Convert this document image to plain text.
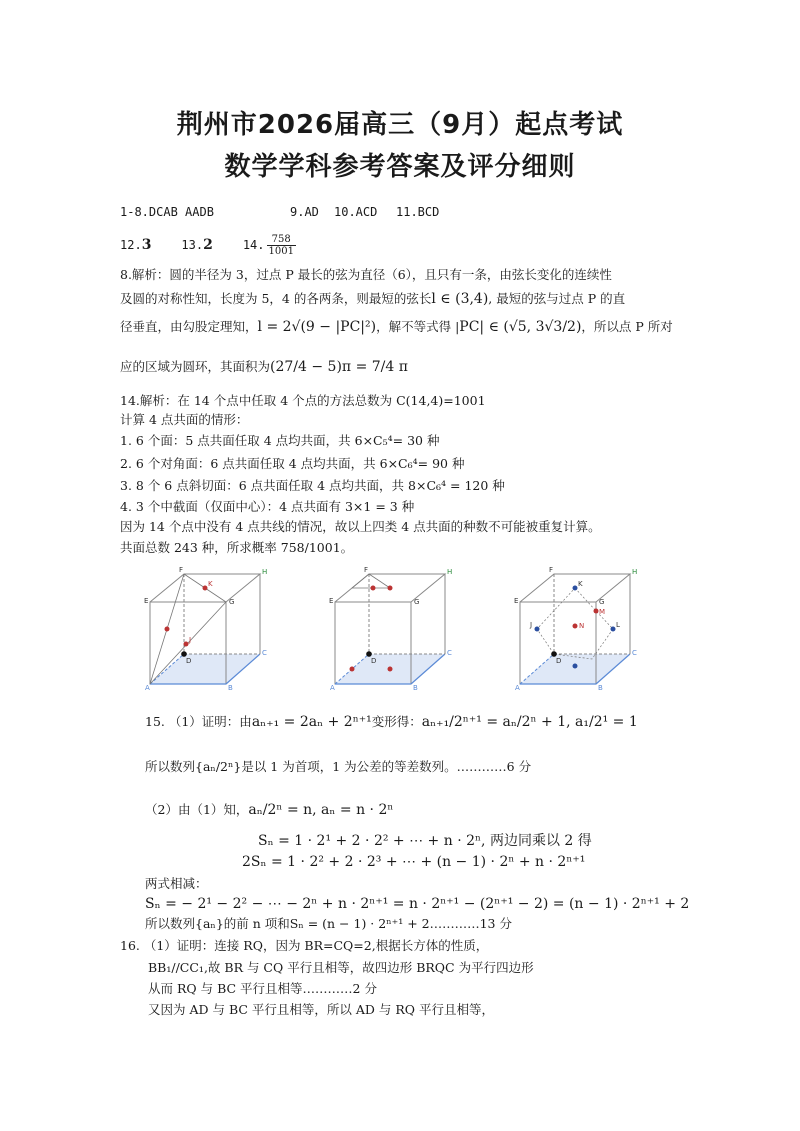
荆州市2026届高三（9月）起点考试
数学学科参考答案及评分细则
1-8.DCAB AADB	9.AD 10.ACD 11.BCD
12.3 13.2 14. $\frac{758}{1001}$
8.解析：圆的半径为 3，过点 P 最长的弦为直径（6），且只有一条，由弦长变化的连续性
及圆的对称性知，长度为 5，4 的各两条，则最短的弦长l ∈ (3,4), 最短的弦与过点 P 的直
径垂直，由勾股定理知，l = 2√(9 − |PC|²)，解不等式得 |PC| ∈ (√5, 3√3/2)，所以点 P 所对
应的区域为圆环，其面积为(27/4 − 5)π = 7/4 π
14.解析：在 14 个点中任取 4 个点的方法总数为 C(14,4)=1001
计算 4 点共面的情形：
1. 6 个面：5 点共面任取 4 点均共面，共 6×C₅⁴= 30 种
2. 6 个对角面：6 点共面任取 4 点均共面，共 6×C₆⁴= 90 种
3. 8 个 6 点斜切面：6 点共面任取 4 点均共面，共 8×C₆⁴ = 120 种
4. 3 个中截面（仅面中心）：4 点共面有 3×1 = 3 种
因为 14 个点中没有 4 点共线的情况，故以上四类 4 点共面的种数不可能被重复计算。
共面总数 243 种，所求概率 758/1001。
F
K
H
E	G
J
D
C
A	B
F	H
E	G
D
C
A	B
F
K
H
E	G
M
J	N	L
D
C
A	B
15. （1）证明：由aₙ₊₁ = 2aₙ + 2ⁿ⁺¹变形得：aₙ₊₁/2ⁿ⁺¹ = aₙ/2ⁿ + 1, a₁/2¹ = 1
所以数列{aₙ/2ⁿ}是以 1 为首项，1 为公差的等差数列。…………6 分
（2）由（1）知，aₙ/2ⁿ = n, aₙ = n · 2ⁿ
Sₙ = 1 · 2¹ + 2 · 2² + ⋯ + n · 2ⁿ, 两边同乘以 2 得
2Sₙ = 1 · 2² + 2 · 2³ + ⋯ + (n − 1) · 2ⁿ + n · 2ⁿ⁺¹
两式相减：
Sₙ = − 2¹ − 2² − ⋯ − 2ⁿ + n · 2ⁿ⁺¹ = n · 2ⁿ⁺¹ − (2ⁿ⁺¹ − 2) = (n − 1) · 2ⁿ⁺¹ + 2
所以数列{aₙ}的前 n 项和Sₙ = (n − 1) · 2ⁿ⁺¹ + 2…………13 分
16. （1）证明：连接 RQ，因为 BR=CQ=2,根据长方体的性质，
BB₁//CC₁,故 BR 与 CQ 平行且相等，故四边形 BRQC 为平行四边形
从而 RQ 与 BC 平行且相等…………2 分
又因为 AD 与 BC 平行且相等，所以 AD 与 RQ 平行且相等，
